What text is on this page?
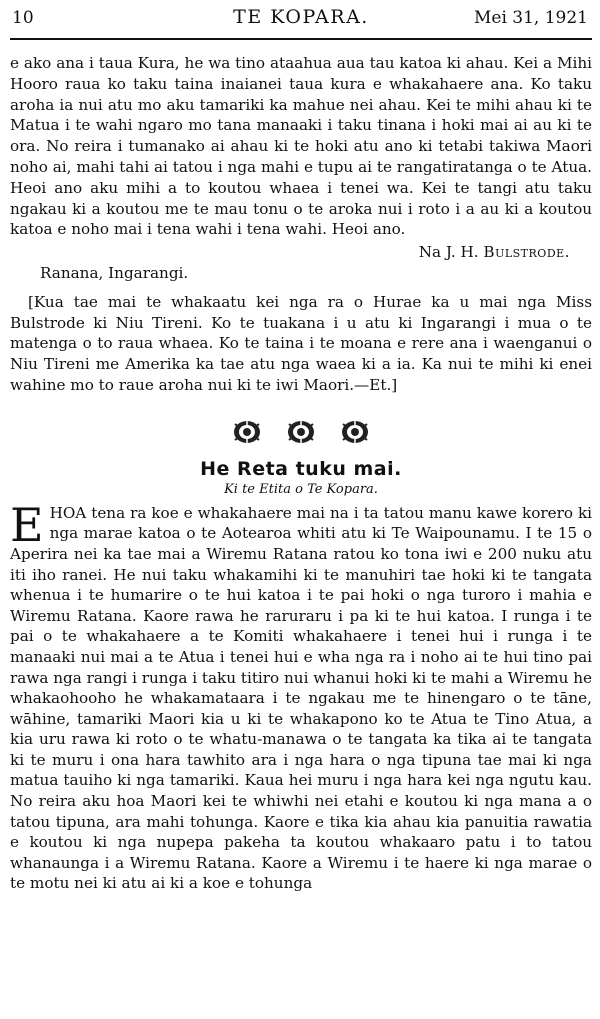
10	TE KOPARA.	Mei 31, 1921

e ako ana i taua Kura, he wa tino ataahua aua tau katoa ki ahau. Kei a Mihi Hooro raua ko taku taina inaianei taua kura e whakahaere ana. Ko taku aroha ia nui atu mo aku tamariki ka mahue nei ahau. Kei te mihi ahau ki te Matua i te wahi ngaro mo tana manaaki i taku tinana i hoki mai ai au ki te ora. No reira i tumanako ai ahau ki te hoki atu ano ki tetabi takiwa Maori noho ai, mahi tahi ai tatou i nga mahi e tupu ai te rangatiratanga o te Atua. Heoi ano aku mihi a to koutou whaea i tenei wa. Kei te tangi atu taku ngakau ki a koutou me te mau tonu o te aroka nui i roto i a au ki a koutou katoa e noho mai i tena wahi i tena wahi. Heoi ano.

Na J. H. Bulstrode.

Ranana, Ingarangi.

[Kua tae mai te whakaatu kei nga ra o Hurae ka u mai nga Miss Bulstrode ki Niu Tireni. Ko te tuakana i u atu ki Ingarangi i mua o te matenga o to raua whaea. Ko te taina i te moana e rere ana i waenganui o Niu Tireni me Amerika ka tae atu nga waea ki a ia. Ka nui te mihi ki enei wahine mo to raue aroha nui ki te iwi Maori.—Et.]

He Reta tuku mai.

Ki te Etita o Te Kopara.

E HOA tena ra koe e whakahaere mai na i ta tatou manu kawe korero ki nga marae katoa o te Aotearoa whiti atu ki Te Waipounamu. I te 15 o Aperira nei ka tae mai a Wiremu Ratana ratou ko tona iwi e 200 nuku atu iti iho ranei. He nui taku whakamihi ki te manuhiri tae hoki ki te tangata whenua i te humarire o te hui katoa i te pai hoki o nga turoro i mahia e Wiremu Ratana. Kaore rawa he raruraru i pa ki te hui katoa. I runga i te pai o te whakahaere a te Komiti whakahaere i tenei hui i runga i te manaaki nui mai a te Atua i tenei hui e wha nga ra i noho ai te hui tino pai rawa nga rangi i runga i taku titiro nui whanui hoki ki te mahi a Wiremu he whakaohooho he whakamataara i te ngakau me te hinengaro o te tāne, wāhine, tamariki Maori kia u ki te whakapono ko te Atua te Tino Atua, a kia uru rawa ki roto o te whatu-manawa o te tangata ka tika ai te tangata ki te muru i ona hara tawhito ara i nga hara o nga tipuna tae mai ki nga matua tauiho ki nga tamariki. Kaua hei muru i nga hara kei nga ngutu kau. No reira aku hoa Maori kei te whiwhi nei etahi e koutou ki nga mana a o tatou tipuna, ara mahi tohunga. Kaore e tika kia ahau kia panuitia rawatia e koutou ki nga nupepa pakeha ta koutou whakaaro patu i to tatou whanaunga i a Wiremu Ratana. Kaore a Wiremu i te haere ki nga marae o te motu nei ki atu ai ki a koe e tohunga
